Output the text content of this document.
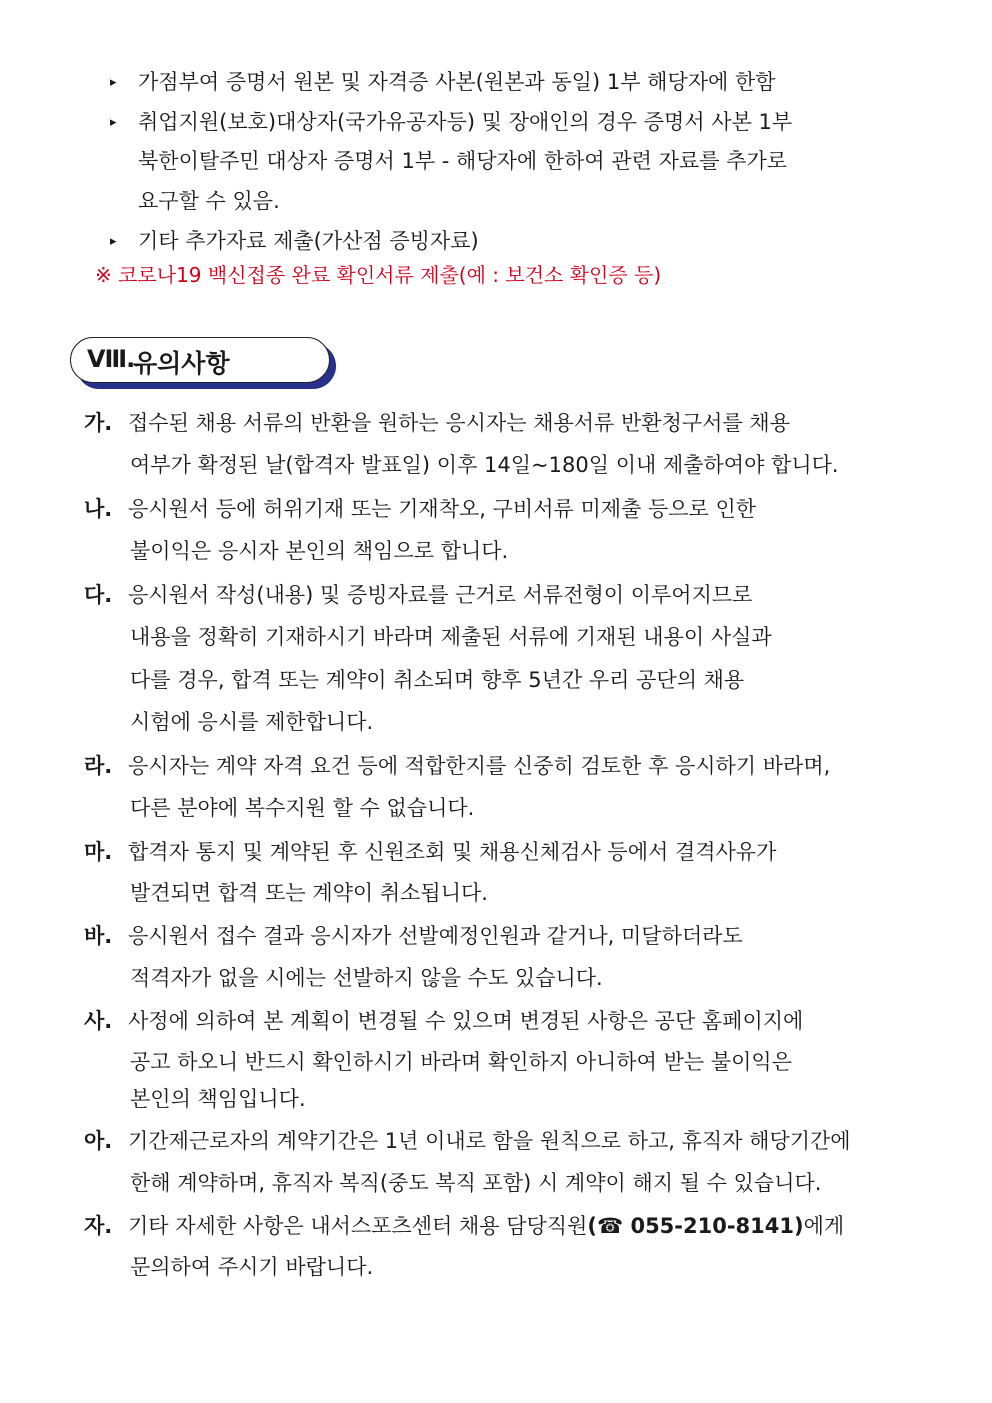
▸	가점부여 증명서 원본 및 자격증 사본(원본과 동일) 1부 해당자에 한함
▸	취업지원(보호)대상자(국가유공자등) 및 장애인의 경우 증명서 사본 1부
북한이탈주민 대상자 증명서 1부 - 해당자에 한하여 관련 자료를 추가로
요구할 수 있음.
▸	기타 추가자료 제출(가산점 증빙자료)
※ 코로나19 백신접종 완료 확인서류 제출(예 : 보건소 확인증 등)
Ⅷ.
유의사항
가. 접수된 채용 서류의 반환을 원하는 응시자는 채용서류 반환청구서를 채용
여부가 확정된 날(합격자 발표일) 이후 14일~180일 이내 제출하여야 합니다.
나. 응시원서 등에 허위기재 또는 기재착오, 구비서류 미제출 등으로 인한
불이익은 응시자 본인의 책임으로 합니다.
다. 응시원서 작성(내용) 및 증빙자료를 근거로 서류전형이 이루어지므로
내용을 정확히 기재하시기 바라며 제출된 서류에 기재된 내용이 사실과
다를 경우, 합격 또는 계약이 취소되며 향후 5년간 우리 공단의 채용
시험에 응시를 제한합니다.
라. 응시자는 계약 자격 요건 등에 적합한지를 신중히 검토한 후 응시하기 바라며,
다른 분야에 복수지원 할 수 없습니다.
마. 합격자 통지 및 계약된 후 신원조회 및 채용신체검사 등에서 결격사유가
발견되면 합격 또는 계약이 취소됩니다.
바. 응시원서 접수 결과 응시자가 선발예정인원과 같거나, 미달하더라도
적격자가 없을 시에는 선발하지 않을 수도 있습니다.
사. 사정에 의하여 본 계획이 변경될 수 있으며 변경된 사항은 공단 홈페이지에
공고 하오니 반드시 확인하시기 바라며 확인하지 아니하여 받는 불이익은
본인의 책임입니다.
아. 기간제근로자의 계약기간은 1년 이내로 함을 원칙으로 하고, 휴직자 해당기간에
한해 계약하며, 휴직자 복직(중도 복직 포함) 시 계약이 해지 될 수 있습니다.
자. 기타 자세한 사항은 내서스포츠센터 채용 담당직원(☎ 055-210-8141)에게
문의하여 주시기 바랍니다.
